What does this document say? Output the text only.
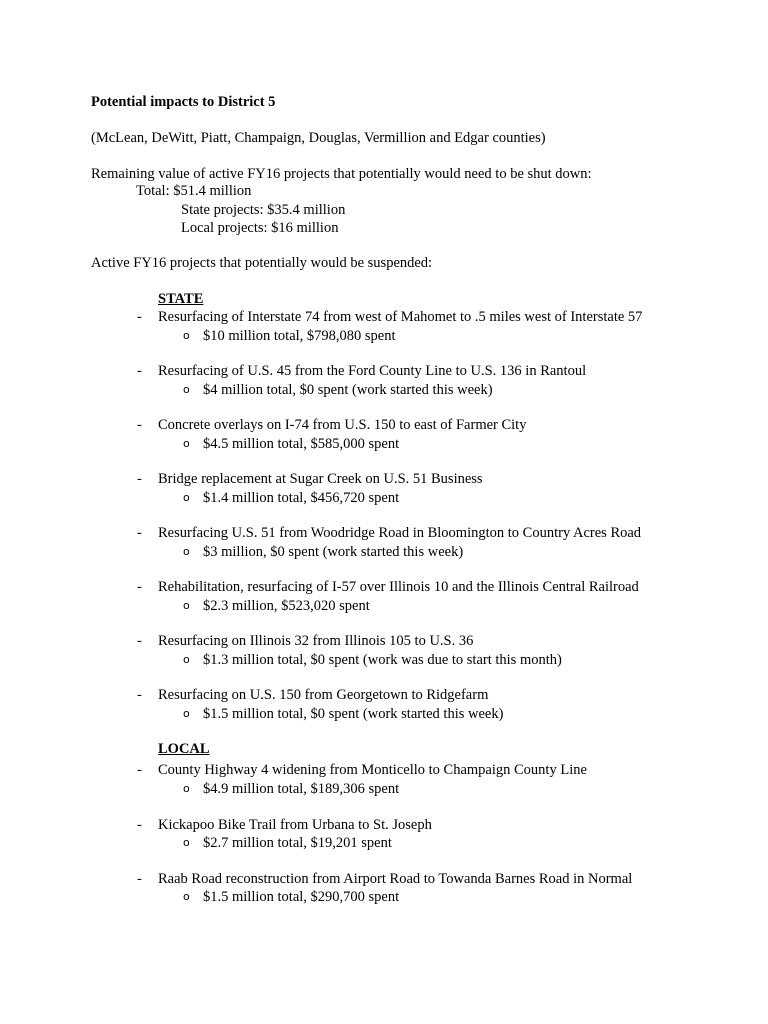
Potential impacts to District 5
(McLean, DeWitt, Piatt, Champaign, Douglas, Vermillion and Edgar counties)
Remaining value of active FY16 projects that potentially would need to be shut down:
Total: $51.4 million
State projects: $35.4 million
Local projects: $16 million
Active FY16 projects that potentially would be suspended:
STATE
- Resurfacing of Interstate 74 from west of Mahomet to .5 miles west of Interstate 57
o $10 million total, $798,080 spent
- Resurfacing of U.S. 45 from the Ford County Line to U.S. 136 in Rantoul
o $4 million total, $0 spent (work started this week)
- Concrete overlays on I-74 from U.S. 150 to east of Farmer City
o $4.5 million total, $585,000 spent
- Bridge replacement at Sugar Creek on U.S. 51 Business
o $1.4 million total, $456,720 spent
- Resurfacing U.S. 51 from Woodridge Road in Bloomington to Country Acres Road
o $3 million, $0 spent (work started this week)
- Rehabilitation, resurfacing of I-57 over Illinois 10 and the Illinois Central Railroad
o $2.3 million, $523,020 spent
- Resurfacing on Illinois 32 from Illinois 105 to U.S. 36
o $1.3 million total, $0 spent (work was due to start this month)
- Resurfacing on U.S. 150 from Georgetown to Ridgefarm
o $1.5 million total, $0 spent (work started this week)
LOCAL
- County Highway 4 widening from Monticello to Champaign County Line
o $4.9 million total, $189,306 spent
- Kickapoo Bike Trail from Urbana to St. Joseph
o $2.7 million total, $19,201 spent
- Raab Road reconstruction from Airport Road to Towanda Barnes Road in Normal
o $1.5 million total, $290,700 spent
